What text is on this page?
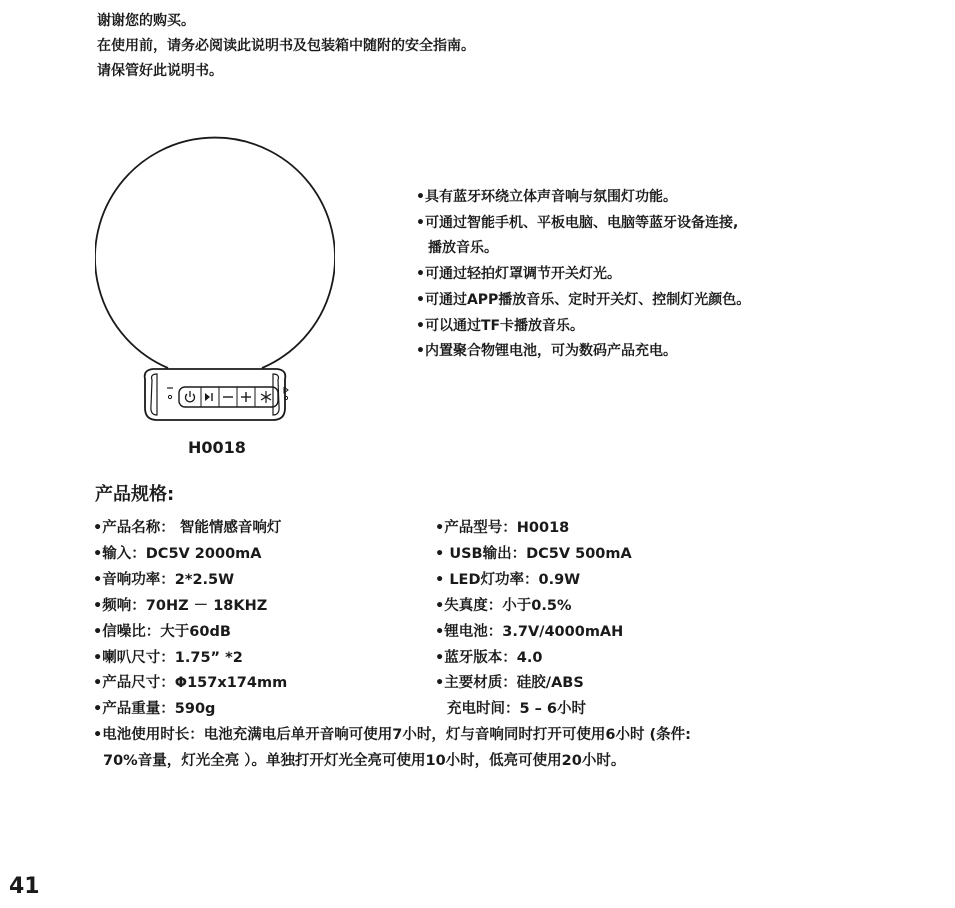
谢谢您的购买。
在使用前，请务必阅读此说明书及包装箱中随附的安全指南。
请保管好此说明书。
H0018
•具有蓝牙环绕立体声音响与氛围灯功能。
•可通过智能手机、平板电脑、电脑等蓝牙设备连接,
播放音乐。
•可通过轻拍灯罩调节开关灯光。
•可通过APP播放音乐、定时开关灯、控制灯光颜色。
•可以通过TF卡播放音乐。
•内置聚合物锂电池，可为数码产品充电。
产品规格:
•产品名称： 智能情感音响灯
•输入：DC5V 2000mA
•音响功率：2*2.5W
•频响：70HZ － 18KHZ
•信噪比：大于60dB
•喇叭尺寸：1.75” *2
•产品尺寸：Φ157x174mm
•产品重量：590g
•产品型号：H0018
• USB输出：DC5V 500mA
• LED灯功率：0.9W
•失真度：小于0.5%
•锂电池：3.7V/4000mAH
•蓝牙版本：4.0
•主要材质：硅胶/ABS
充电时间：5 – 6小时
•电池使用时长：电池充满电后单开音响可使用7小时，灯与音响同时打开可使用6小时 (条件:
70%音量，灯光全亮 ）。单独打开灯光全亮可使用10小时，低亮可使用20小时。
41
